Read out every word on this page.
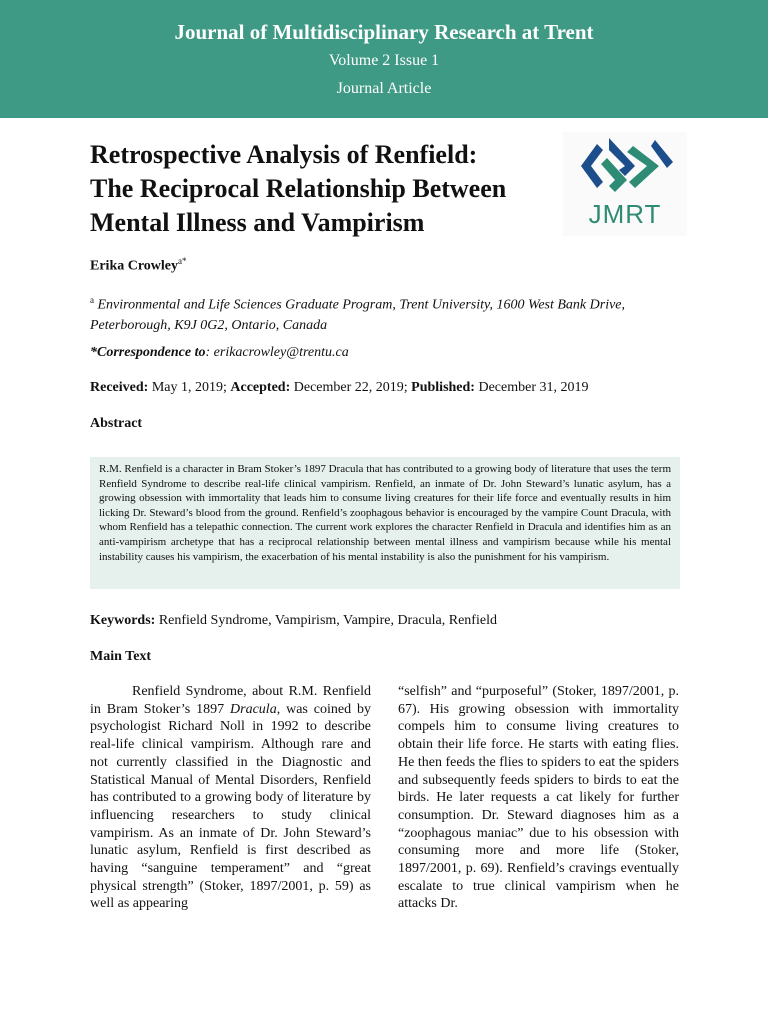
Journal of Multidisciplinary Research at Trent
Volume 2 Issue 1
Journal Article
Retrospective Analysis of Renfield:
The Reciprocal Relationship Between
Mental Illness and Vampirism	JMRT
Erika Crowley$^{a*}$
$^a$ Environmental and Life Sciences Graduate Program, Trent University, 1600 West Bank Drive, Peterborough, K9J 0G2, Ontario, Canada
*Correspondence to: erikacrowley@trentu.ca
Received: May 1, 2019; Accepted: December 22, 2019; Published: December 31, 2019
Abstract

R.M. Renfield is a character in Bram Stoker’s 1897 Dracula that has contributed to a growing body of literature that uses the term Renfield Syndrome to describe real-life clinical vampirism. Renfield, an inmate of Dr. John Steward’s lunatic asylum, has a growing obsession with immortality that leads him to consume living creatures for their life force and eventually results in him licking Dr. Steward’s blood from the ground. Renfield’s zoophagous behavior is encouraged by the vampire Count Dracula, with whom Renfield has a telepathic connection. The current work explores the character Renfield in Dracula and identifies him as an anti-vampirism archetype that has a reciprocal relationship between mental illness and vampirism because while his mental instability causes his vampirism, the exacerbation of his mental instability is also the punishment for his vampirism.

Keywords: Renfield Syndrome, Vampirism, Vampire, Dracula, Renfield
Main Text

Renfield Syndrome, about R.M. Renfield in Bram Stoker’s 1897 Dracula, was coined by psychologist Richard Noll in 1992 to describe real-life clinical vampirism. Although rare and not currently classified in the Diagnostic and Statistical Manual of Mental Disorders, Renfield has contributed to a growing body of literature by influencing researchers to study clinical vampirism. As an inmate of Dr. John Steward’s lunatic asylum, Renfield is first described as having “sanguine temperament” and “great physical strength” (Stoker, 1897/2001, p. 59) as well as appearing

“selfish” and “purposeful” (Stoker, 1897/2001, p. 67). His growing obsession with immortality compels him to consume living creatures to obtain their life force. He starts with eating flies. He then feeds the flies to spiders to eat the spiders and subsequently feeds spiders to birds to eat the birds. He later requests a cat likely for further consumption. Dr. Steward diagnoses him as a “zoophagous maniac” due to his obsession with consuming more and more life (Stoker, 1897/2001, p. 69). Renfield’s cravings eventually escalate to true clinical vampirism when he attacks Dr.
